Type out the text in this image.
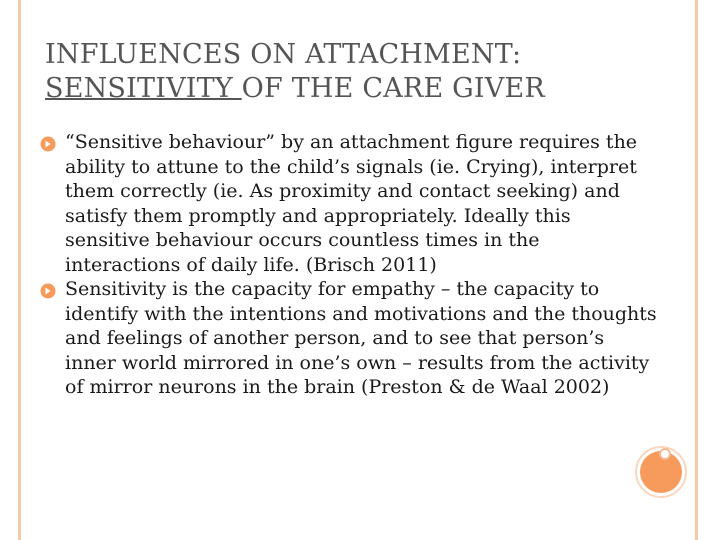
INFLUENCES ON ATTACHMENT:
SENSITIVITY OF THE CARE GIVER

“Sensitive behaviour” by an attachment figure requires the ability to attune to the child’s signals (ie. Crying), interpret them correctly (ie. As proximity and contact seeking) and satisfy them promptly and appropriately. Ideally this sensitive behaviour occurs countless times in the interactions of daily life. (Brisch 2011)

Sensitivity is the capacity for empathy – the capacity to identify with the intentions and motivations and the thoughts and feelings of another person, and to see that person’s inner world mirrored in one’s own – results from the activity of mirror neurons in the brain (Preston & de Waal 2002)
